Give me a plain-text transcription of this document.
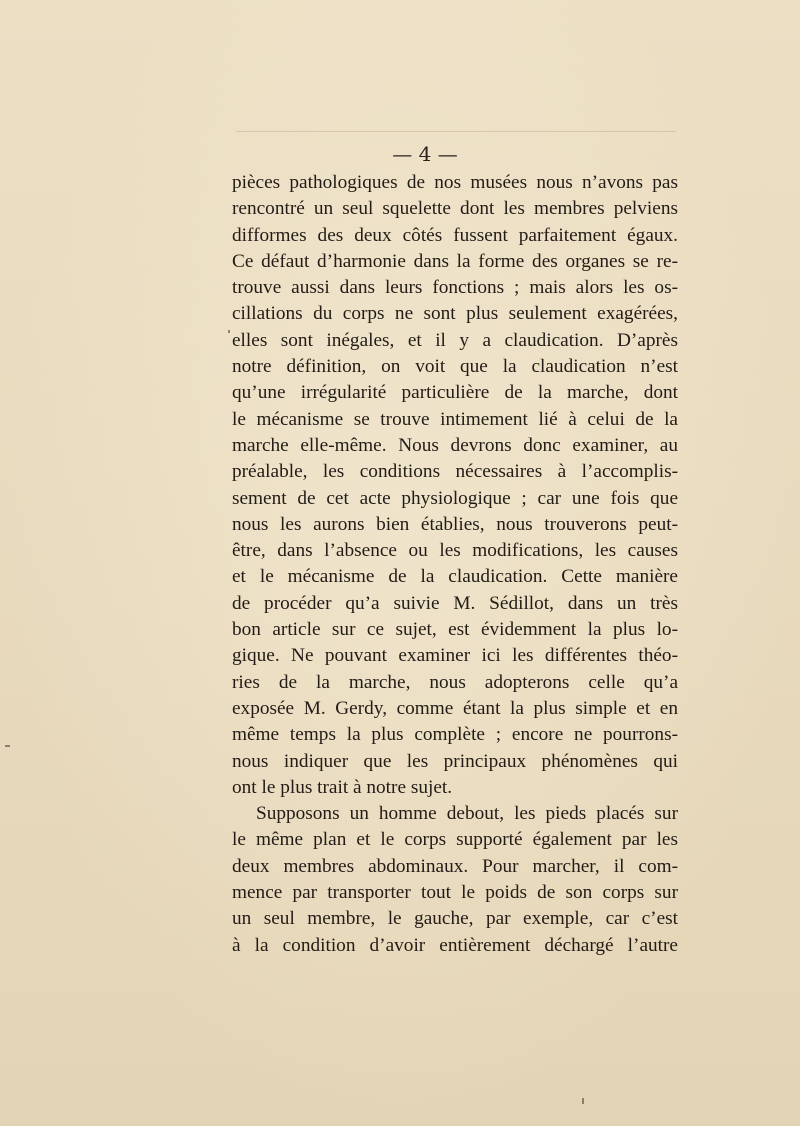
— 4 —
pièces pathologiques de nos musées nous n’avons pas
rencontré un seul squelette dont les membres pelviens
difformes des deux côtés fussent parfaitement égaux.
Ce défaut d’harmonie dans la forme des organes se re-
trouve aussi dans leurs fonctions ; mais alors les os-
cillations du corps ne sont plus seulement exagérées,
elles sont inégales, et il y a claudication. D’après
notre définition, on voit que la claudication n’est
qu’une irrégularité particulière de la marche, dont
le mécanisme se trouve intimement lié à celui de la
marche elle-même. Nous devrons donc examiner, au
préalable, les conditions nécessaires à l’accomplis-
sement de cet acte physiologique ; car une fois que
nous les aurons bien établies, nous trouverons peut-
être, dans l’absence ou les modifications, les causes
et le mécanisme de la claudication. Cette manière
de procéder qu’a suivie M. Sédillot, dans un très
bon article sur ce sujet, est évidemment la plus lo-
gique. Ne pouvant examiner ici les différentes théo-
ries de la marche, nous adopterons celle qu’a
exposée M. Gerdy, comme étant la plus simple et en
même temps la plus complète ; encore ne pourrons-
nous indiquer que les principaux phénomènes qui
ont le plus trait à notre sujet.
Supposons un homme debout, les pieds placés sur
le même plan et le corps supporté également par les
deux membres abdominaux. Pour marcher, il com-
mence par transporter tout le poids de son corps sur
un seul membre, le gauche, par exemple, car c’est
à la condition d’avoir entièrement déchargé l’autre
